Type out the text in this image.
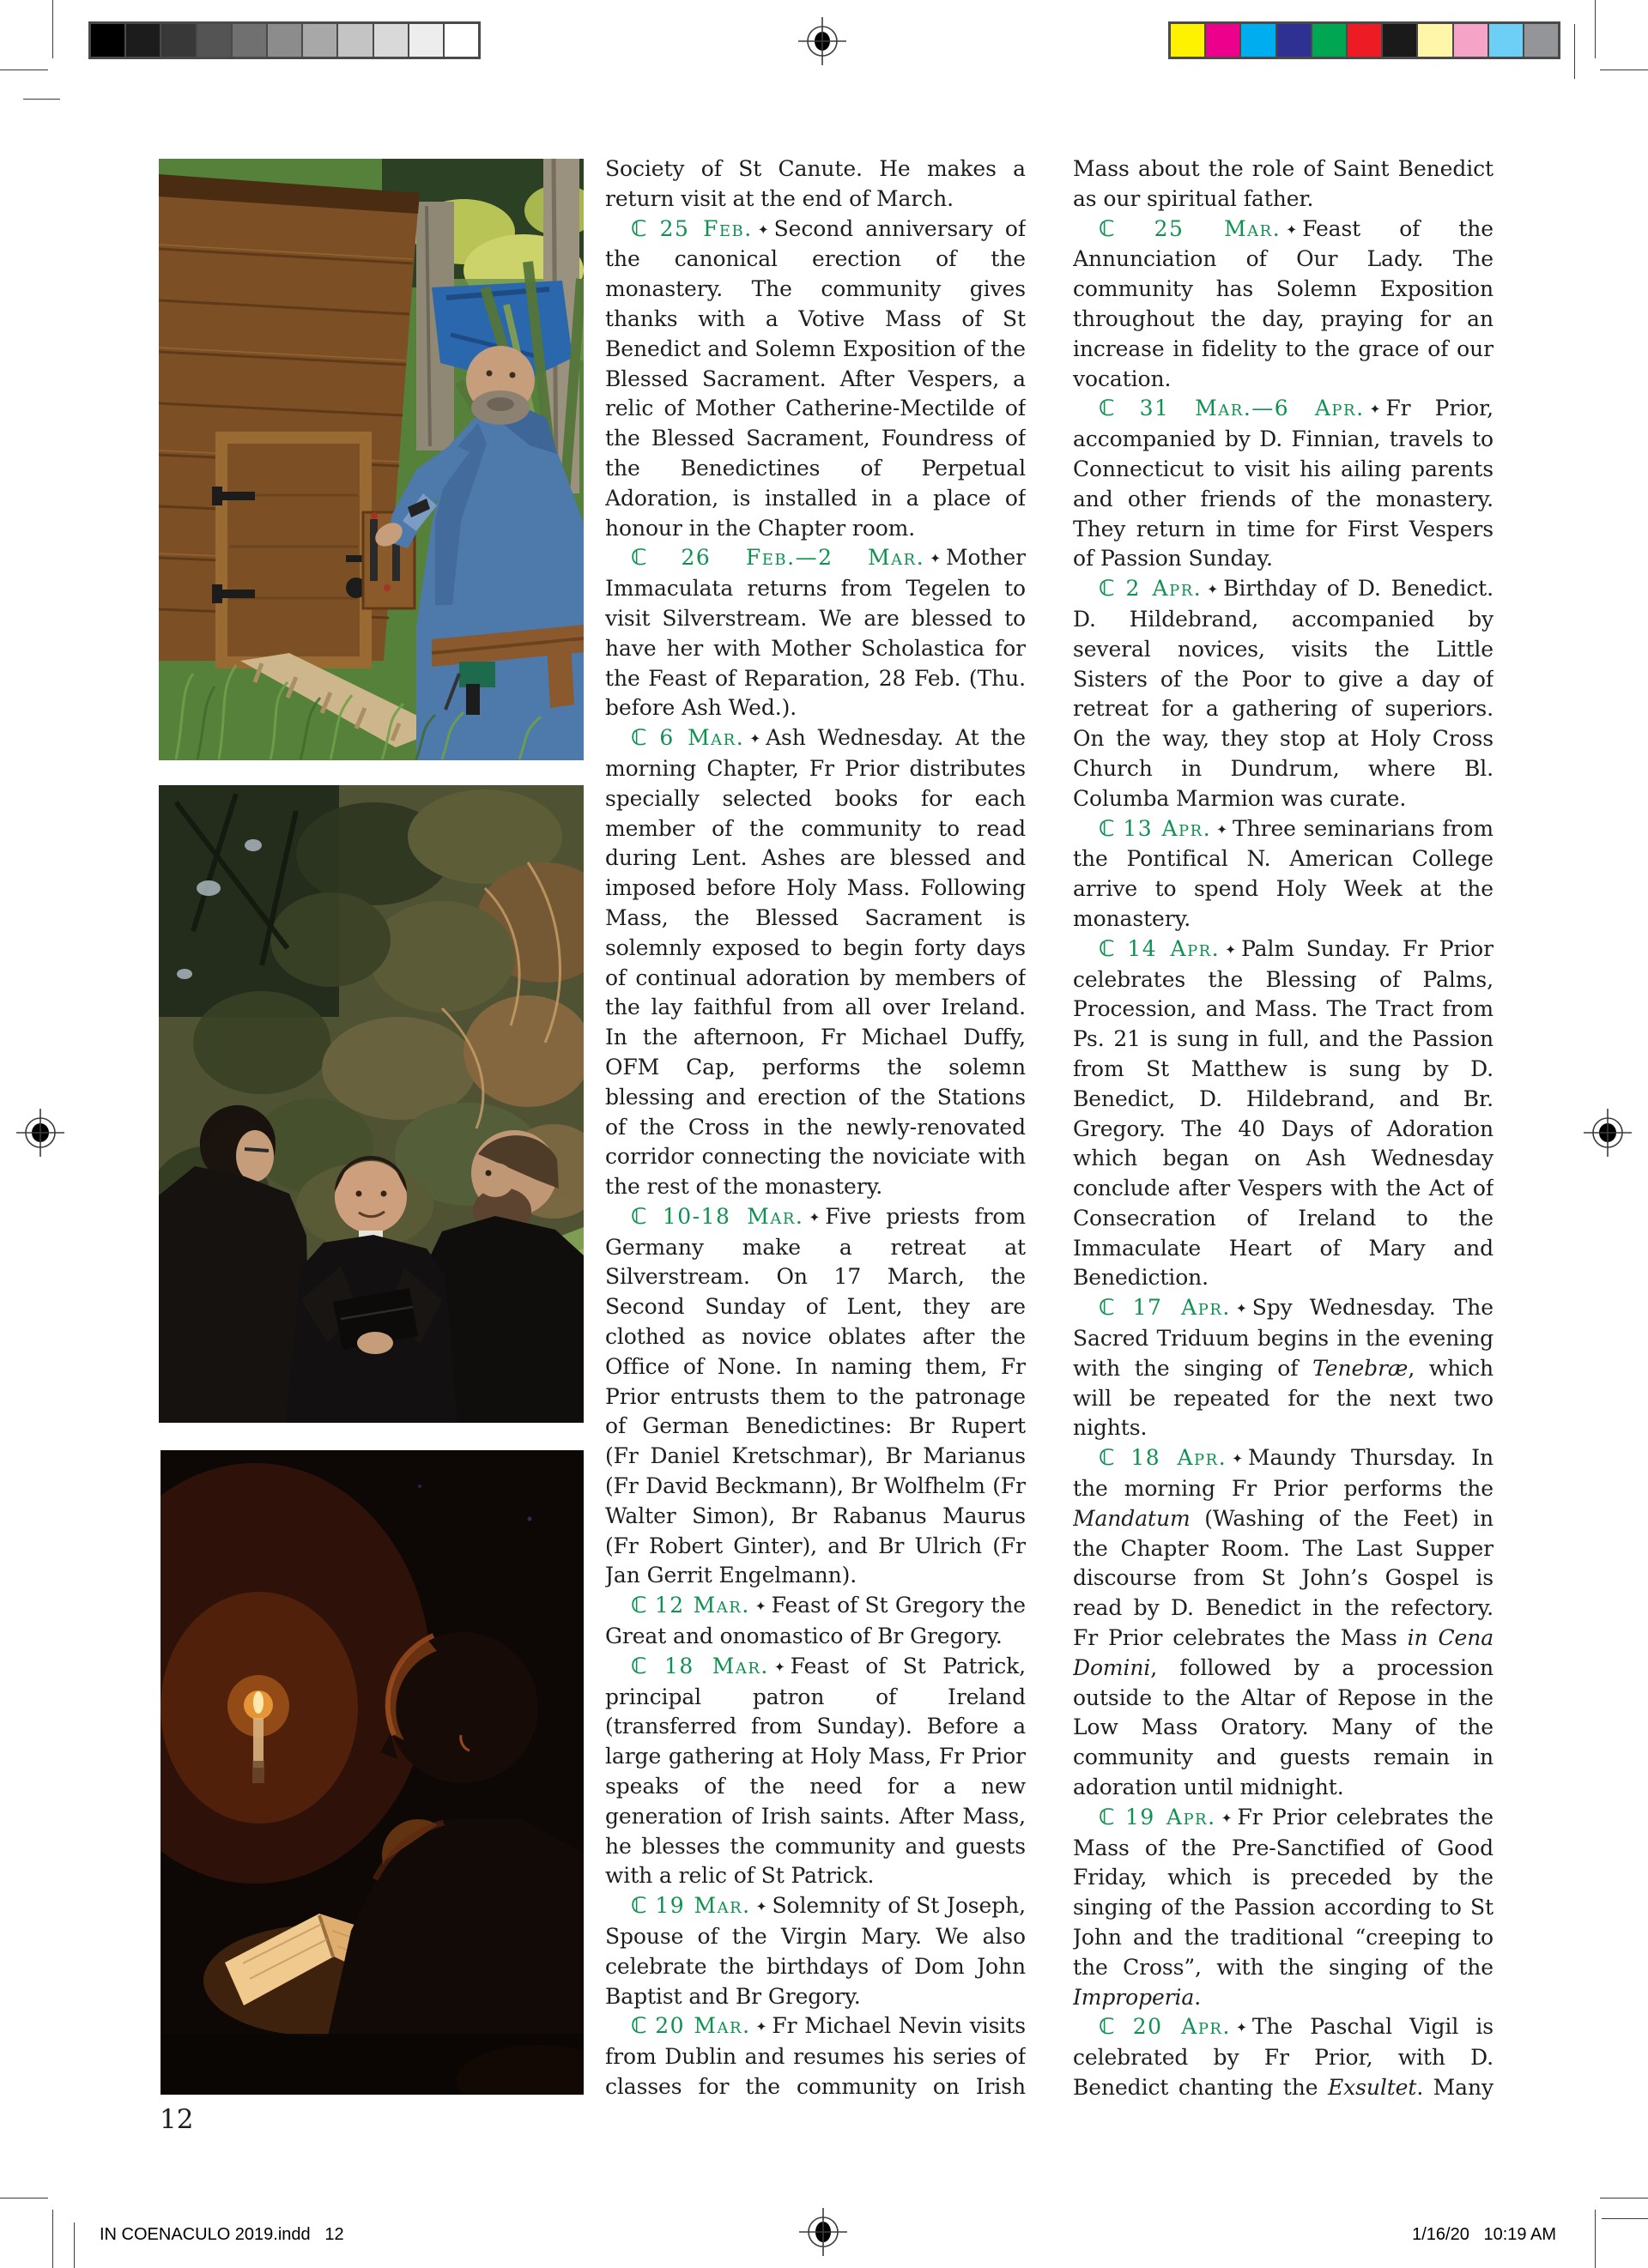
Society of St Canute. He makes a return visit at the end of March.

ℂ 25 Feb. ✦ Second anniversary of the canonical erection of the monastery. The community gives thanks with a Votive Mass of St Benedict and Solemn Exposition of the Blessed Sacrament. After Vespers, a relic of Mother Catherine-Mectilde of the Blessed Sacrament, Foundress of the Benedictines of Perpetual Adoration, is installed in a place of honour in the Chapter room.

ℂ 26 Feb.—2 Mar. ✦ Mother Immaculata returns from Tegelen to visit Silverstream. We are blessed to have her with Mother Scholastica for the Feast of Reparation, 28 Feb. (Thu. before Ash Wed.).

ℂ 6 Mar. ✦ Ash Wednesday. At the morning Chapter, Fr Prior distributes specially selected books for each member of the community to read during Lent. Ashes are blessed and imposed before Holy Mass. Following Mass, the Blessed Sacrament is solemnly exposed to begin forty days of continual adoration by members of the lay faithful from all over Ireland. In the afternoon, Fr Michael Duffy, OFM Cap, performs the solemn blessing and erection of the Stations of the Cross in the newly-renovated corridor connecting the noviciate with the rest of the monastery.

ℂ 10-18 Mar. ✦ Five priests from Germany make a retreat at Silverstream. On 17 March, the Second Sunday of Lent, they are clothed as novice oblates after the Office of None. In naming them, Fr Prior entrusts them to the patronage of German Benedictines: Br Rupert (Fr Daniel Kretschmar), Br Marianus (Fr David Beckmann), Br Wolfhelm (Fr Walter Simon), Br Rabanus Maurus (Fr Robert Ginter), and Br Ulrich (Fr Jan Gerrit Engelmann).

ℂ 12 Mar. ✦ Feast of St Gregory the Great and onomastico of Br Gregory.

ℂ 18 Mar. ✦ Feast of St Patrick, principal patron of Ireland (transferred from Sunday). Before a large gathering at Holy Mass, Fr Prior speaks of the need for a new generation of Irish saints. After Mass, he blesses the community and guests with a relic of St Patrick.

ℂ 19 Mar. ✦ Solemnity of St Joseph, Spouse of the Virgin Mary. We also celebrate the birthdays of Dom John Baptist and Br Gregory.

ℂ 20 Mar. ✦ Fr Michael Nevin visits from Dublin and resumes his series of classes for the community on Irish

Mass about the role of Saint Benedict as our spiritual father.

ℂ 25 Mar. ✦ Feast of the Annunciation of Our Lady. The community has Solemn Exposition throughout the day, praying for an increase in fidelity to the grace of our vocation.

ℂ 31 Mar.—6 Apr. ✦ Fr Prior, accompanied by D. Finnian, travels to Connecticut to visit his ailing parents and other friends of the monastery. They return in time for First Vespers of Passion Sunday.

ℂ 2 Apr. ✦ Birthday of D. Benedict. D. Hildebrand, accompanied by several novices, visits the Little Sisters of the Poor to give a day of retreat for a gathering of superiors. On the way, they stop at Holy Cross Church in Dundrum, where Bl. Columba Marmion was curate.

ℂ 13 Apr. ✦ Three seminarians from the Pontifical N. American College arrive to spend Holy Week at the monastery.

ℂ 14 Apr. ✦ Palm Sunday. Fr Prior celebrates the Blessing of Palms, Procession, and Mass. The Tract from Ps. 21 is sung in full, and the Passion from St Matthew is sung by D. Benedict, D. Hildebrand, and Br. Gregory. The 40 Days of Adoration which began on Ash Wednesday conclude after Vespers with the Act of Consecration of Ireland to the Immaculate Heart of Mary and Benediction.

ℂ 17 Apr. ✦ Spy Wednesday. The Sacred Triduum begins in the evening with the singing of Tenebræ, which will be repeated for the next two nights.

ℂ 18 Apr. ✦ Maundy Thursday. In the morning Fr Prior performs the Mandatum (Washing of the Feet) in the Chapter Room. The Last Supper discourse from St John’s Gospel is read by D. Benedict in the refectory. Fr Prior celebrates the Mass in Cena Domini, followed by a procession outside to the Altar of Repose in the Low Mass Oratory. Many of the community and guests remain in adoration until midnight.

ℂ 19 Apr. ✦ Fr Prior celebrates the Mass of the Pre-Sanctified of Good Friday, which is preceded by the singing of the Passion according to St John and the traditional “creeping to the Cross”, with the singing of the Improperia.

ℂ 20 Apr. ✦ The Paschal Vigil is celebrated by Fr Prior, with D. Benedict chanting the Exsultet. Many

12
IN COENACULO 2019.indd   12	1/16/20   10:19 AM
